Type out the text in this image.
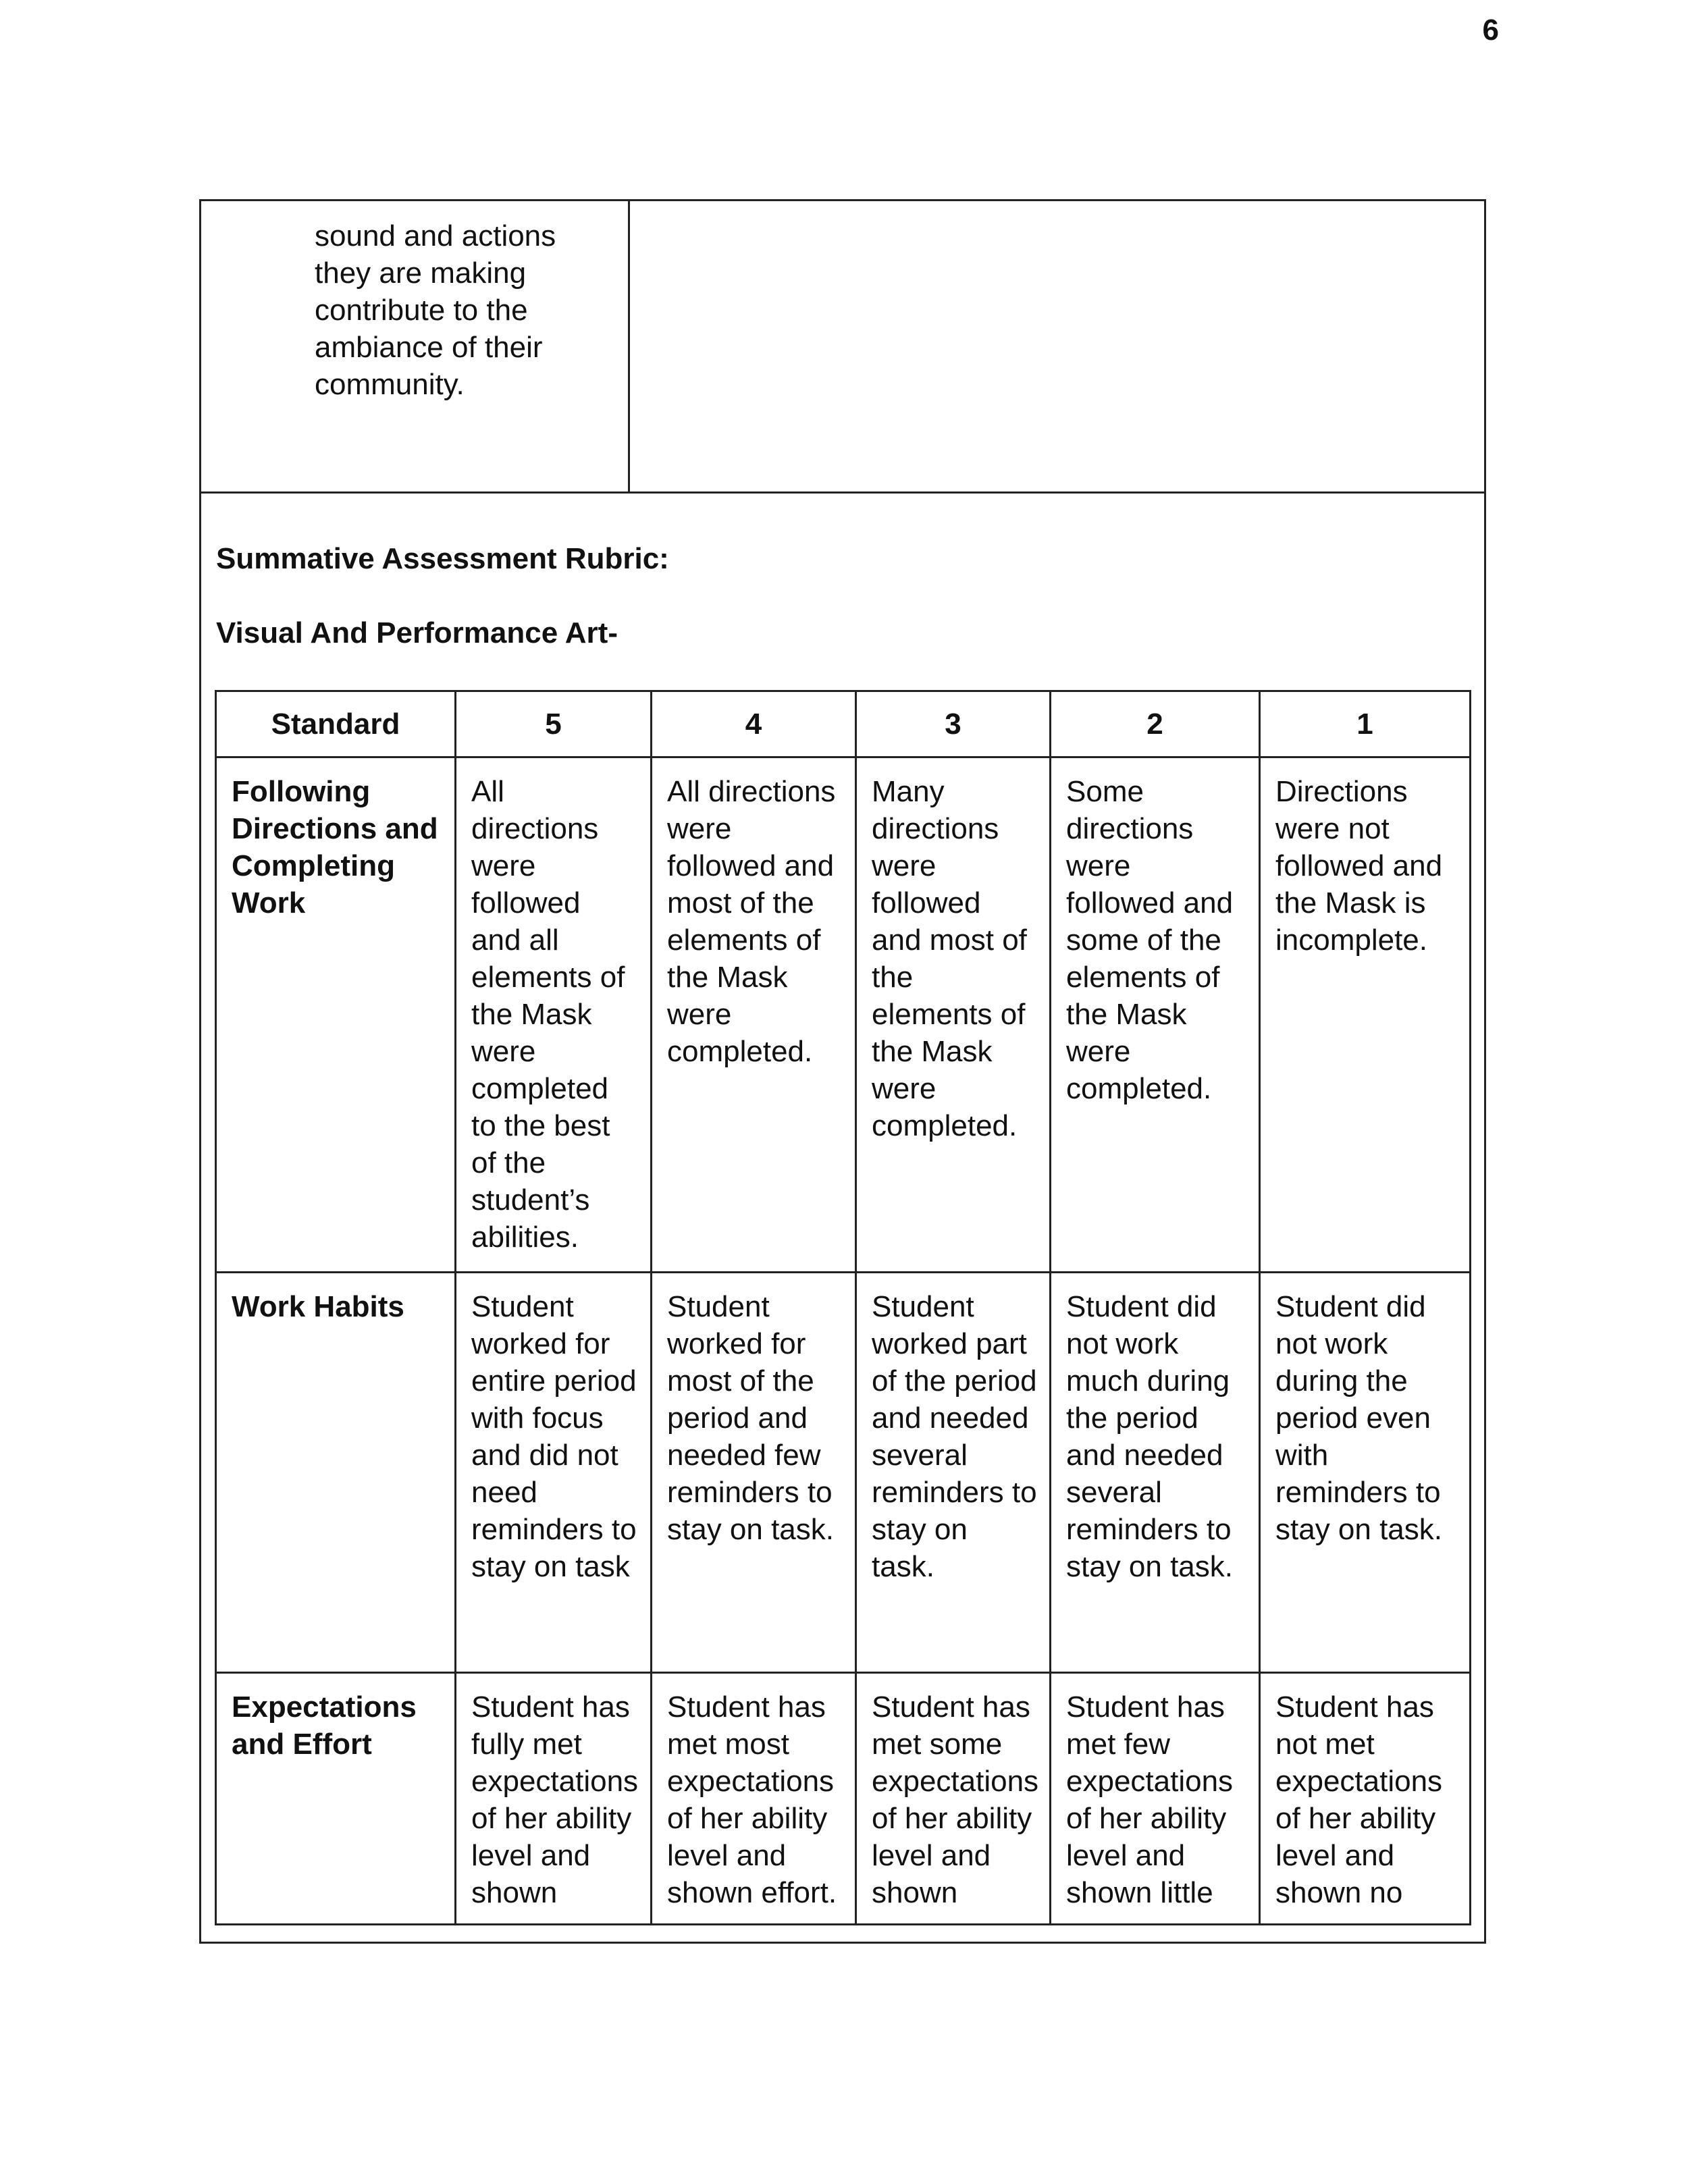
6
sound and actions
they are making
contribute to the
ambiance of their
community.
Summative Assessment Rubric:
Visual And Performance Art-
Standard	5	4	3	2	1
Following Directions and Completing Work	All directions were followed and all elements of the Mask were completed to the best of the student’s abilities.	All directions were followed and most of the elements of the Mask were completed.	Many directions were followed and most of the elements of the Mask were completed.	Some directions were followed and some of the elements of the Mask were completed.	Directions were not followed and the Mask is incomplete.
Work Habits	Student worked for entire period with focus and did not need reminders to stay on task	Student worked for most of the period and needed few reminders to stay on task.	Student worked part of the period and needed several reminders to stay on task.	Student did not work much during the period and needed several reminders to stay on task.	Student did not work during the period even with reminders to stay on task.
Expectations and Effort	Student has fully met expectations of her ability level and shown	Student has met most expectations of her ability level and shown effort.	Student has met some expectations of her ability level and shown	Student has met few expectations of her ability level and shown little	Student has not met expectations of her ability level and shown no
